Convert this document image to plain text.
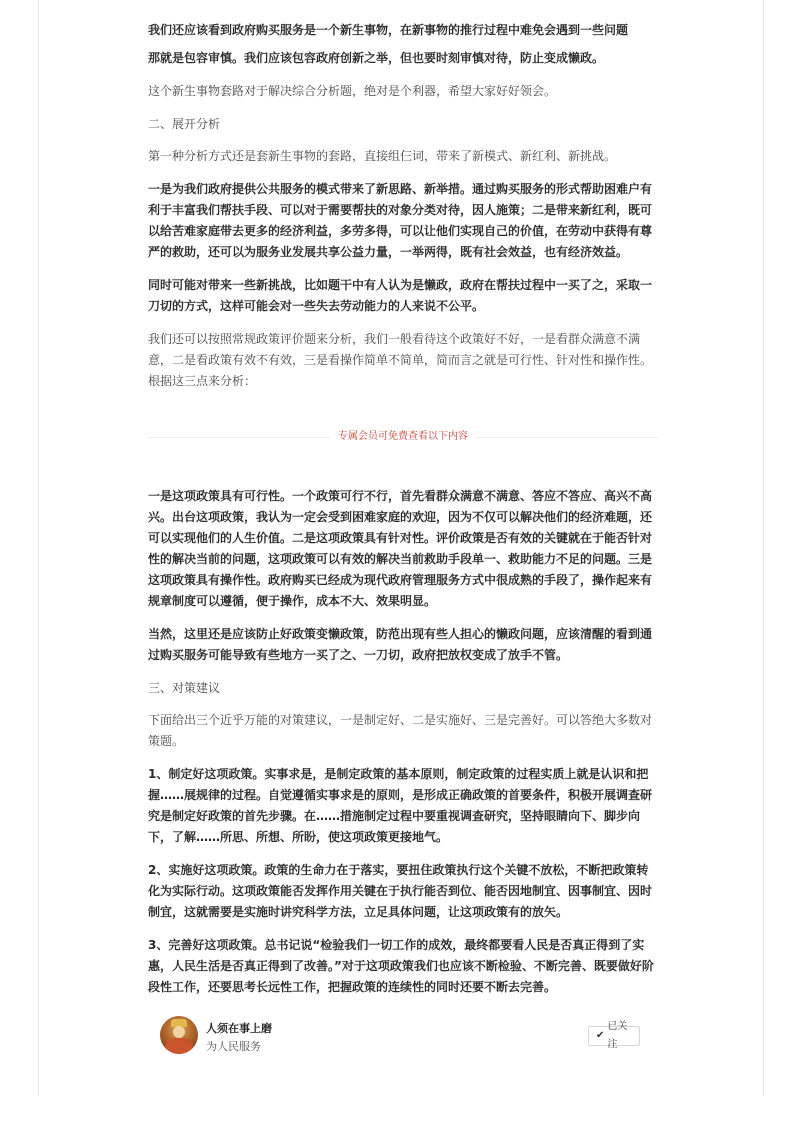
我们还应该看到政府购买服务是一个新生事物，在新事物的推行过程中难免会遇到一些问题

那就是包容审慎。我们应该包容政府创新之举，但也要时刻审慎对待，防止变成懒政。

这个新生事物套路对于解决综合分析题，绝对是个利器，希望大家好好领会。

二、展开分析

第一种分析方式还是套新生事物的套路，直接组仨词，带来了新模式、新红利、新挑战。

一是为我们政府提供公共服务的模式带来了新思路、新举措。通过购买服务的形式帮助困难户有利于丰富我们帮扶手段、可以对于需要帮扶的对象分类对待，因人施策；二是带来新红利，既可以给苦难家庭带去更多的经济利益，多劳多得，可以让他们实现自己的价值，在劳动中获得有尊严的救助，还可以为服务业发展共享公益力量，一举两得，既有社会效益，也有经济效益。

同时可能对带来一些新挑战，比如题干中有人认为是懒政，政府在帮扶过程中一买了之，采取一刀切的方式，这样可能会对一些失去劳动能力的人来说不公平。

我们还可以按照常规政策评价题来分析，我们一般看待这个政策好不好，一是看群众满意不满意，二是看政策有效不有效，三是看操作简单不简单，简而言之就是可行性、针对性和操作性。根据这三点来分析：

专属会员可免费查看以下内容

一是这项政策具有可行性。一个政策可行不行，首先看群众满意不满意、答应不答应、高兴不高兴。出台这项政策，我认为一定会受到困难家庭的欢迎，因为不仅可以解决他们的经济难题，还可以实现他们的人生价值。二是这项政策具有针对性。评价政策是否有效的关键就在于能否针对性的解决当前的问题，这项政策可以有效的解决当前救助手段单一、救助能力不足的问题。三是这项政策具有操作性。政府购买已经成为现代政府管理服务方式中很成熟的手段了，操作起来有规章制度可以遵循，便于操作，成本不大、效果明显。

当然，这里还是应该防止好政策变懒政策，防范出现有些人担心的懒政问题，应该清醒的看到通过购买服务可能导致有些地方一买了之、一刀切，政府把放权变成了放手不管。

三、对策建议

下面给出三个近乎万能的对策建议，一是制定好、二是实施好、三是完善好。可以答绝大多数对策题。

1、制定好这项政策。实事求是，是制定政策的基本原则，制定政策的过程实质上就是认识和把握……展规律的过程。自觉遵循实事求是的原则，是形成正确政策的首要条件，积极开展调查研究是制定好政策的首先步骤。在……措施制定过程中要重视调查研究，坚持眼睛向下、脚步向下，了解……所思、所想、所盼，使这项政策更接地气。

2、实施好这项政策。政策的生命力在于落实，要扭住政策执行这个关键不放松，不断把政策转化为实际行动。这项政策能否发挥作用关键在于执行能否到位、能否因地制宜、因事制宜、因时制宜，这就需要是实施时讲究科学方法，立足具体问题，让这项政策有的放矢。

3、完善好这项政策。总书记说“检验我们一切工作的成效，最终都要看人民是否真正得到了实惠，人民生活是否真正得到了改善。”对于这项政策我们也应该不断检验、不断完善、既要做好阶段性工作，还要思考长远性工作，把握政策的连续性的同时还要不断去完善。

人须在事上磨
为人民服务
✔
已关注
